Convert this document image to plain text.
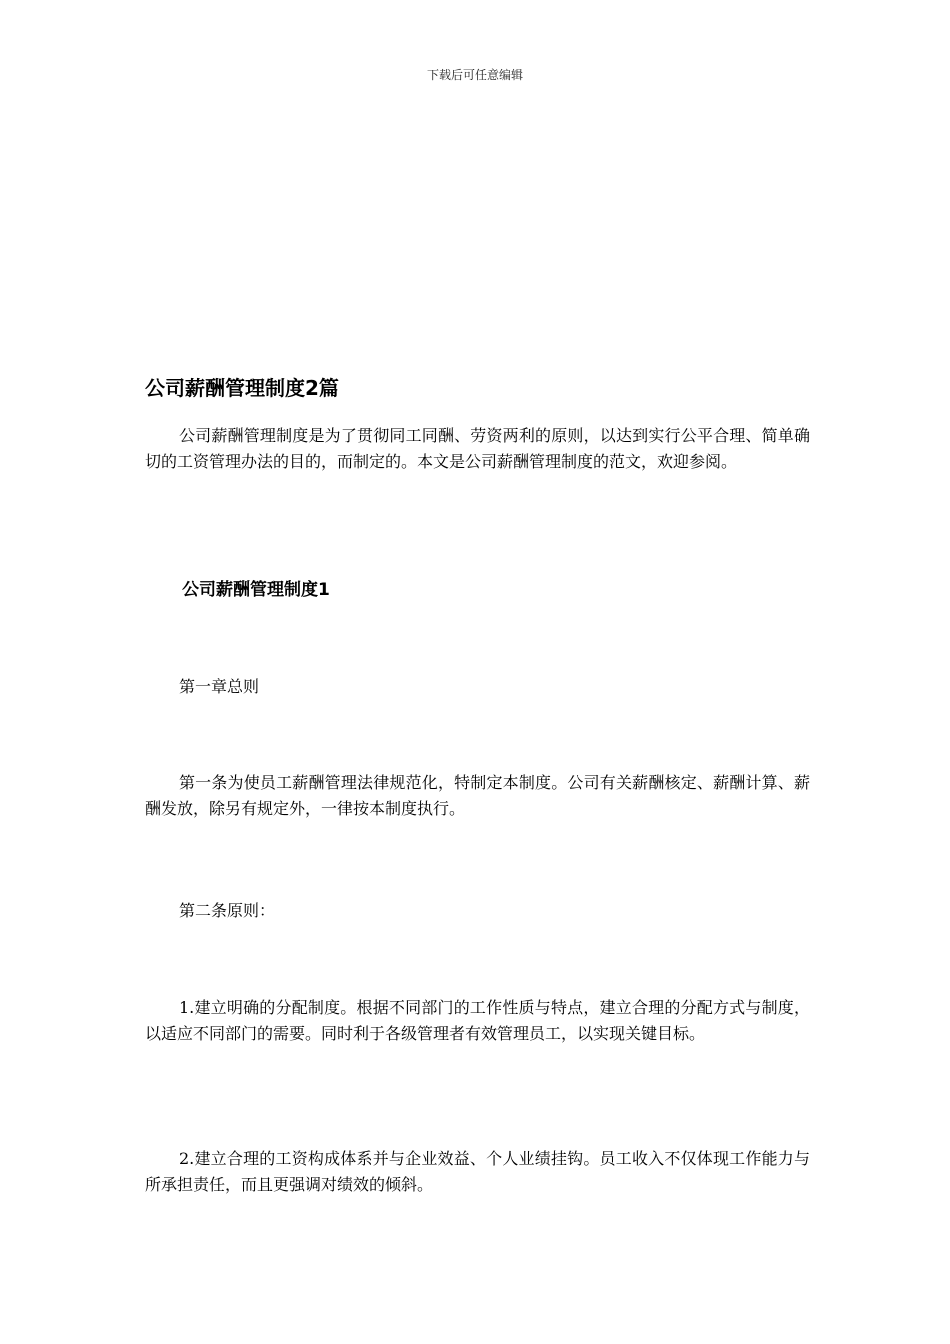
下载后可任意编辑
公司薪酬管理制度2篇

公司薪酬管理制度是为了贯彻同工同酬、劳资两利的原则，以达到实行公平合理、简单确切的工资管理办法的目的，而制定的。本文是公司薪酬管理制度的范文，欢迎参阅。

公司薪酬管理制度1

第一章总则

第一条为使员工薪酬管理法律规范化，特制定本制度。公司有关薪酬核定、薪酬计算、薪酬发放，除另有规定外，一律按本制度执行。

第二条原则：

1.建立明确的分配制度。根据不同部门的工作性质与特点，建立合理的分配方式与制度，以适应不同部门的需要。同时利于各级管理者有效管理员工，以实现关键目标。

2.建立合理的工资构成体系并与企业效益、个人业绩挂钩。员工收入不仅体现工作能力与所承担责任，而且更强调对绩效的倾斜。
